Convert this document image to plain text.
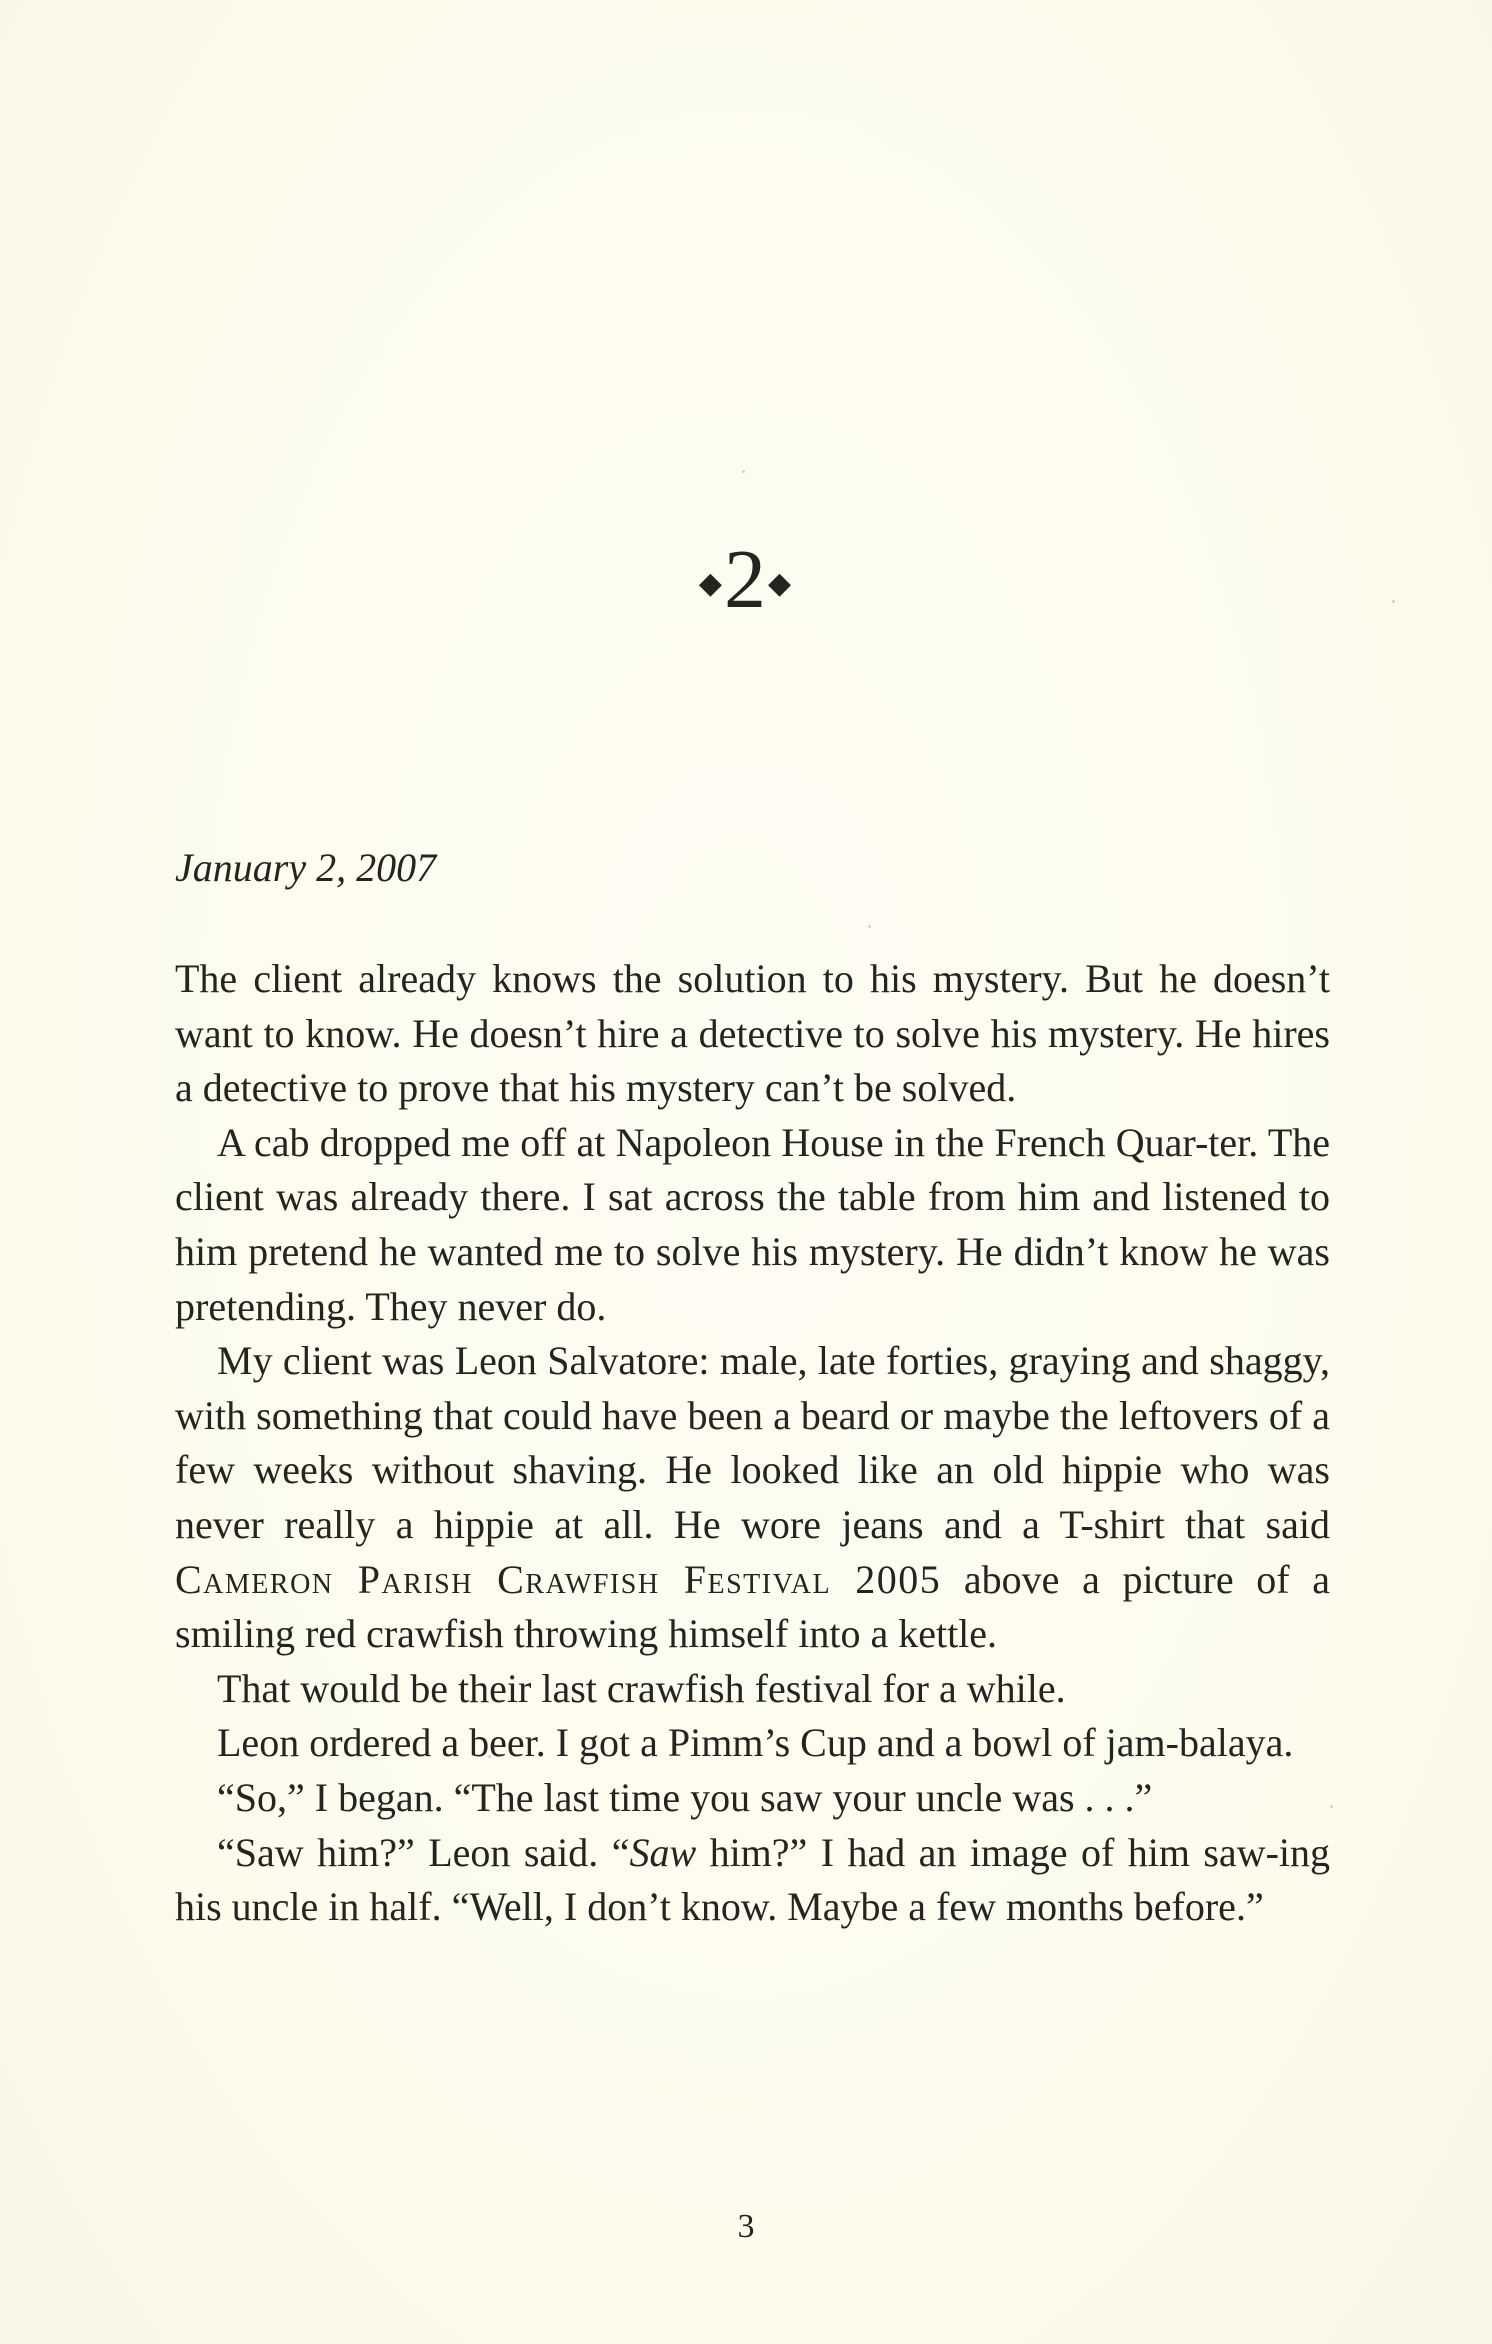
◆2◆
January 2, 2007

The client already knows the solution to his mystery. But he doesn’t want to know. He doesn’t hire a detective to solve his mystery. He hires a detective to prove that his mystery can’t be solved.

A cab dropped me off at Napoleon House in the French Quar-ter. The client was already there. I sat across the table from him and listened to him pretend he wanted me to solve his mystery. He didn’t know he was pretending. They never do.

My client was Leon Salvatore: male, late forties, graying and shaggy, with something that could have been a beard or maybe the leftovers of a few weeks without shaving. He looked like an old hippie who was never really a hippie at all. He wore jeans and a T-shirt that said Cameron Parish Crawfish Festival 2005 above a picture of a smiling red crawfish throwing himself into a kettle.

That would be their last crawfish festival for a while.

Leon ordered a beer. I got a Pimm’s Cup and a bowl of jam-balaya.

“So,” I began. “The last time you saw your uncle was . . .”

“Saw him?” Leon said. “Saw him?” I had an image of him saw-ing his uncle in half. “Well, I don’t know. Maybe a few months before.”

3
